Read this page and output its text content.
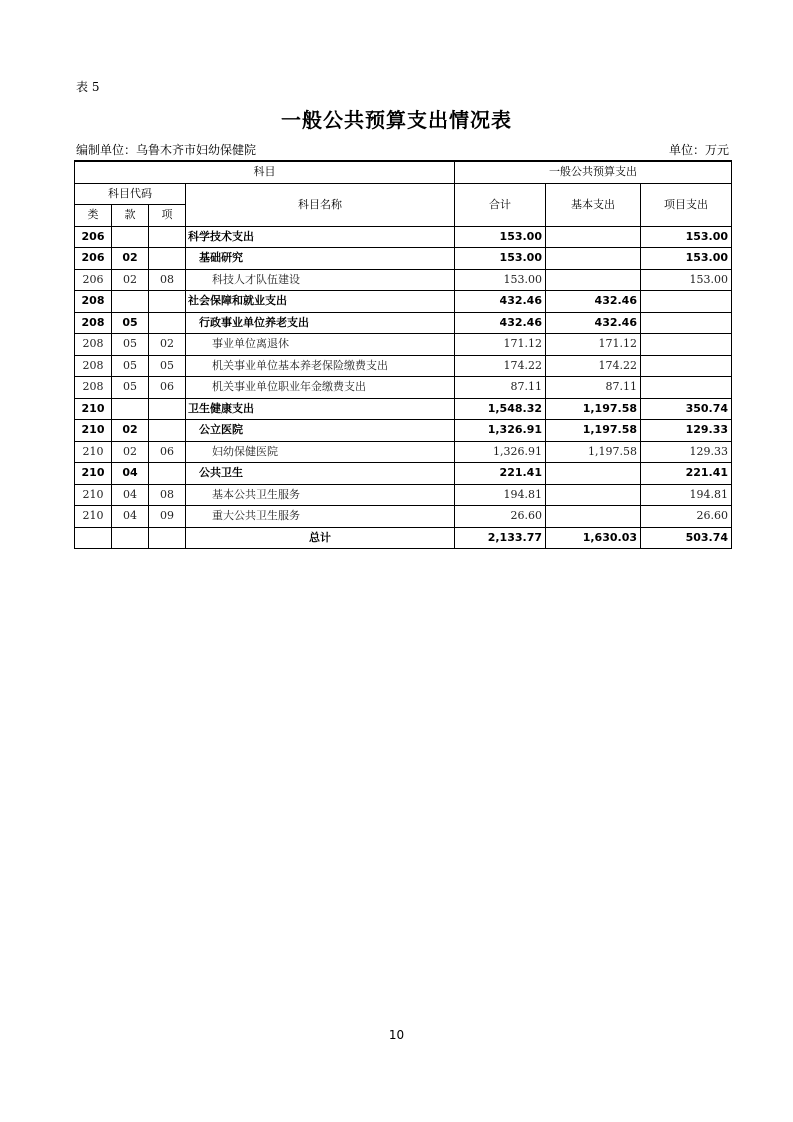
表 5
一般公共预算支出情况表
编制单位：乌鲁木齐市妇幼保健院	单位：万元
科目				一般公共预算支出		
科目代码			科目名称	合计	基本支出	项目支出
类	款	项				
206			科学技术支出	153.00		153.00
206	02		基础研究	153.00		153.00
206	02	08	科技人才队伍建设	153.00		153.00
208			社会保障和就业支出	432.46	432.46	
208	05		行政事业单位养老支出	432.46	432.46	
208	05	02	事业单位离退休	171.12	171.12	
208	05	05	机关事业单位基本养老保险缴费支出	174.22	174.22	
208	05	06	机关事业单位职业年金缴费支出	87.11	87.11	
210			卫生健康支出	1,548.32	1,197.58	350.74
210	02		公立医院	1,326.91	1,197.58	129.33
210	02	06	妇幼保健医院	1,326.91	1,197.58	129.33
210	04		公共卫生	221.41		221.41
210	04	08	基本公共卫生服务	194.81		194.81
210	04	09	重大公共卫生服务	26.60		26.60
			总计	2,133.77	1,630.03	503.74
10
